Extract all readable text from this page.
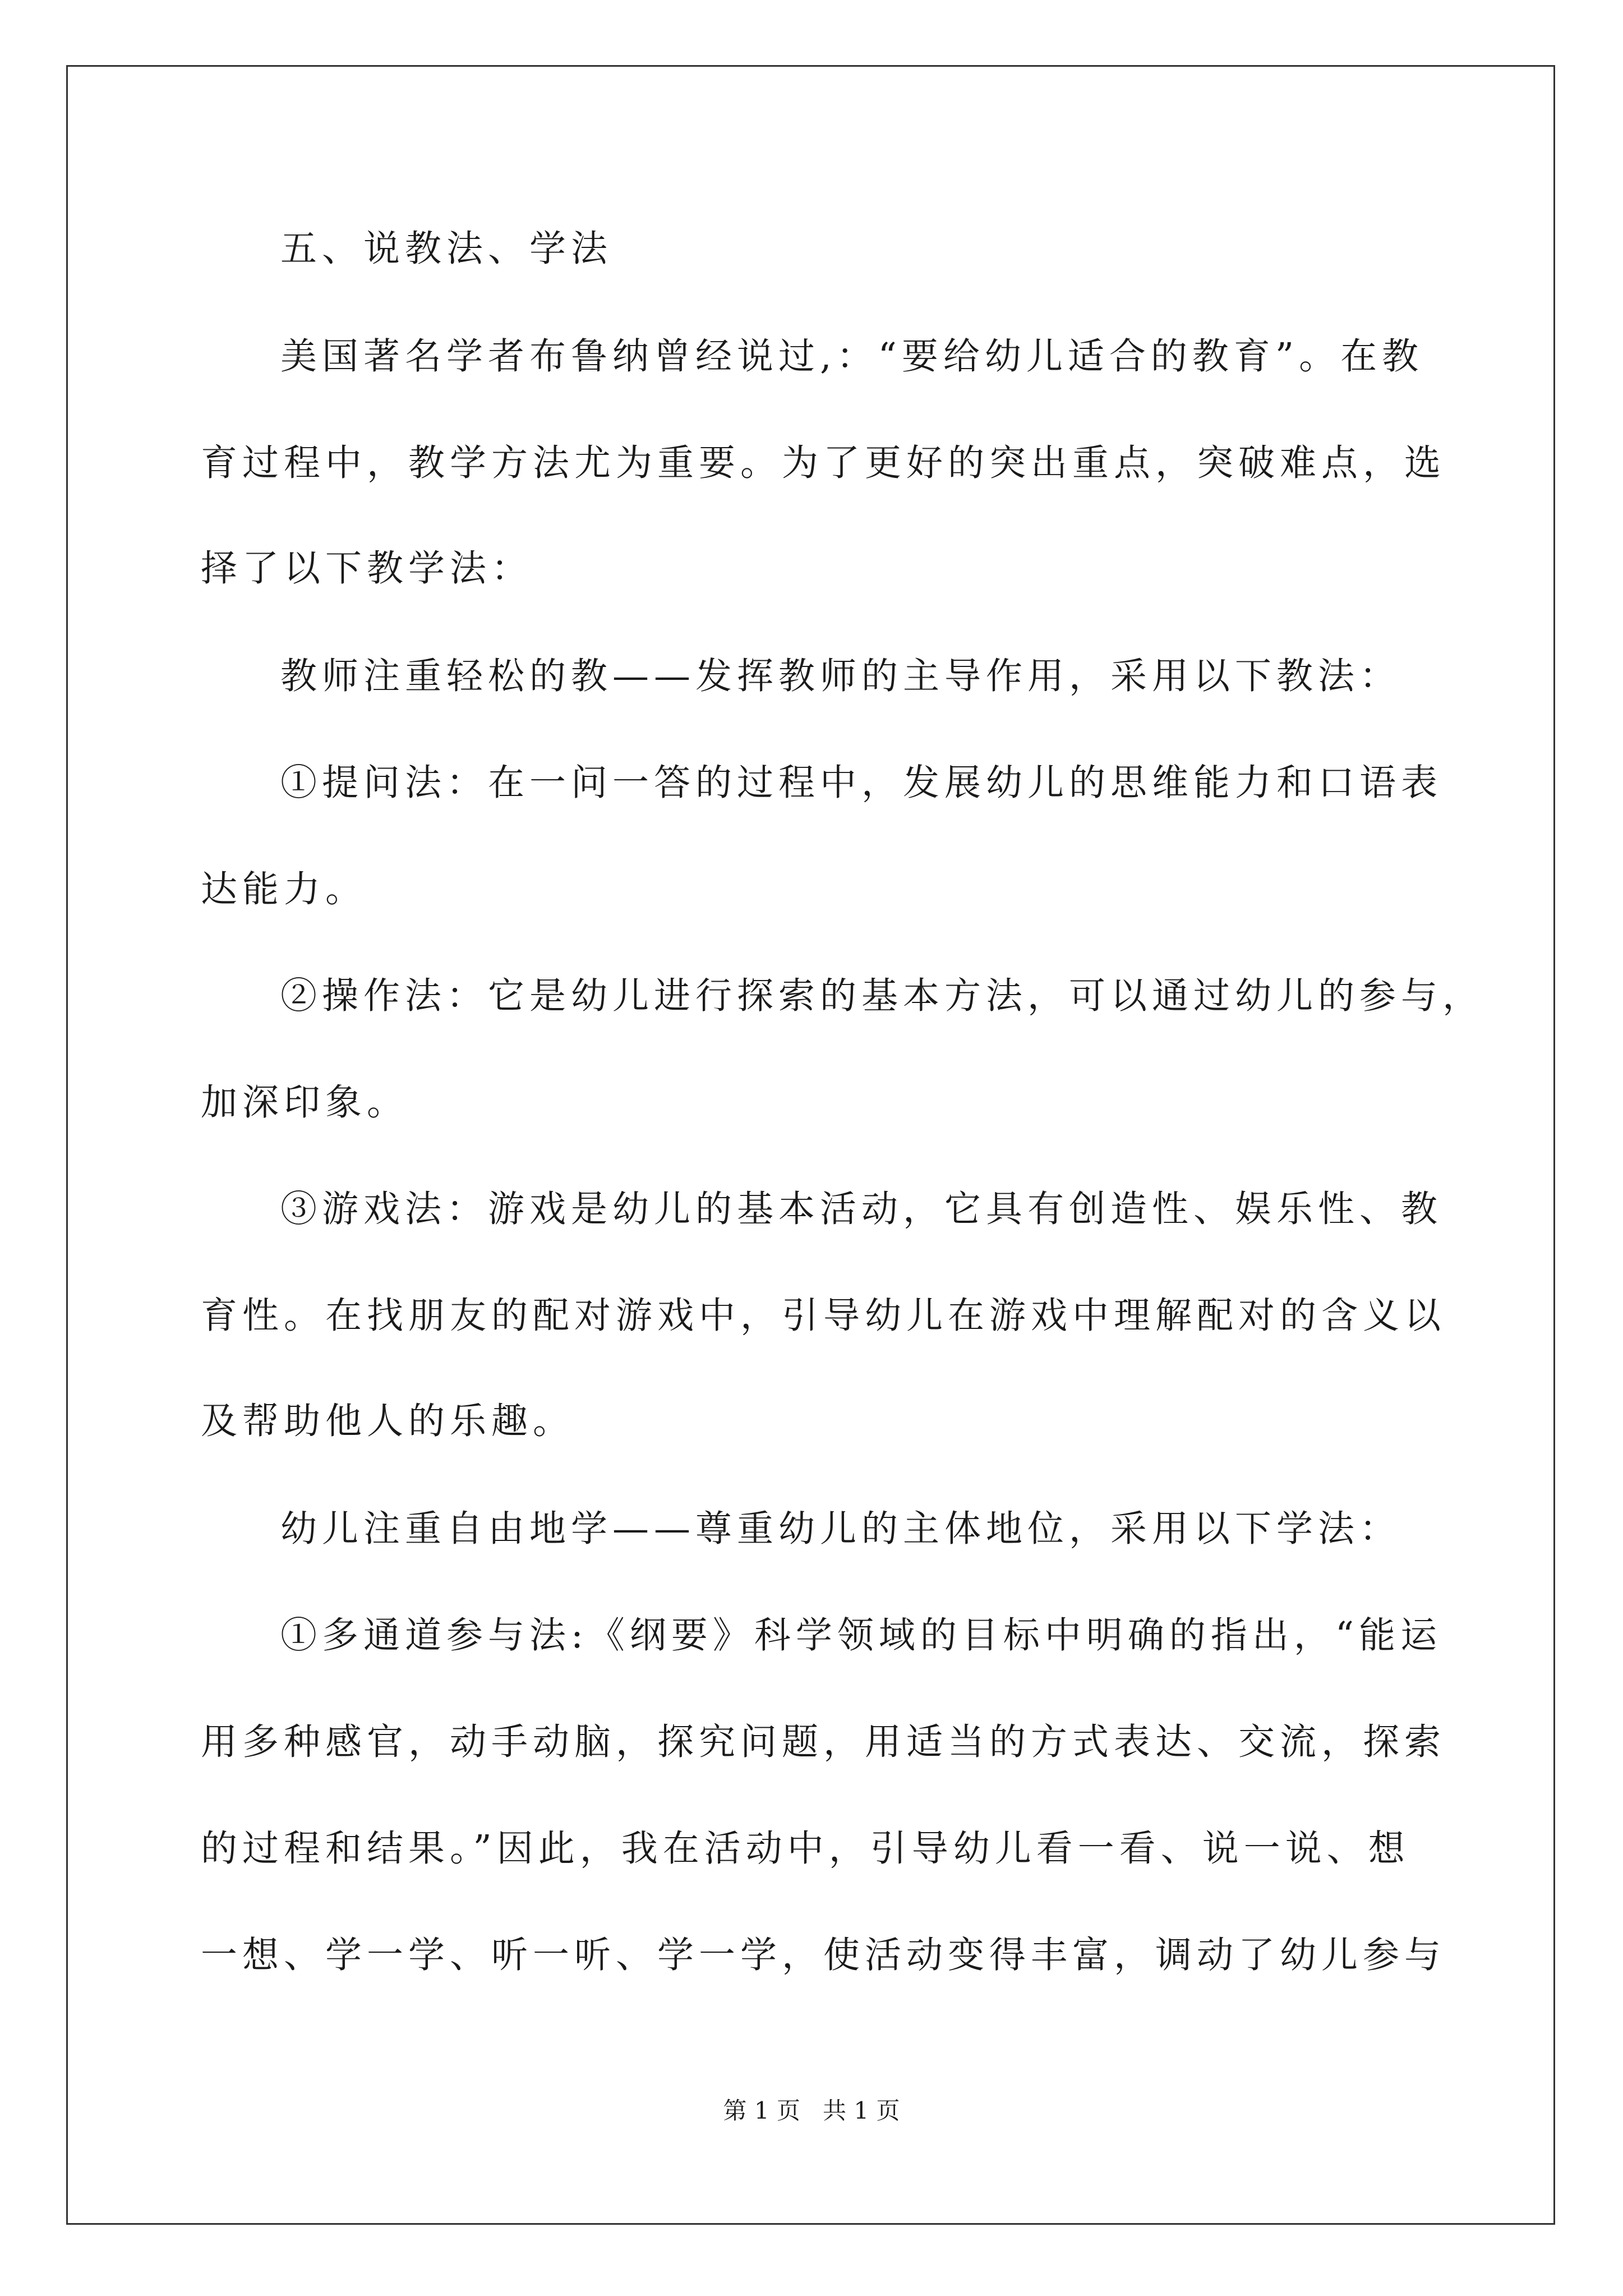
五、说教法、学法
美国著名学者布鲁纳曾经说过,：“要给幼儿适合的教育”。在教
育过程中，教学方法尤为重要。为了更好的突出重点，突破难点，选
择了以下教学法：
教师注重轻松的教——发挥教师的主导作用，采用以下教法：
①提问法：在一问一答的过程中，发展幼儿的思维能力和口语表
达能力。
②操作法：它是幼儿进行探索的基本方法，可以通过幼儿的参与，
加深印象。
③游戏法：游戏是幼儿的基本活动，它具有创造性、娱乐性、教
育性。在找朋友的配对游戏中，引导幼儿在游戏中理解配对的含义以
及帮助他人的乐趣。
幼儿注重自由地学——尊重幼儿的主体地位，采用以下学法：
①多通道参与法:《纲要》科学领域的目标中明确的指出，“能运
用多种感官，动手动脑，探究问题，用适当的方式表达、交流，探索
的过程和结果。”因此，我在活动中，引导幼儿看一看、说一说、想
一想、学一学、听一听、学一学，使活动变得丰富，调动了幼儿参与
第 1 页   共 1 页
